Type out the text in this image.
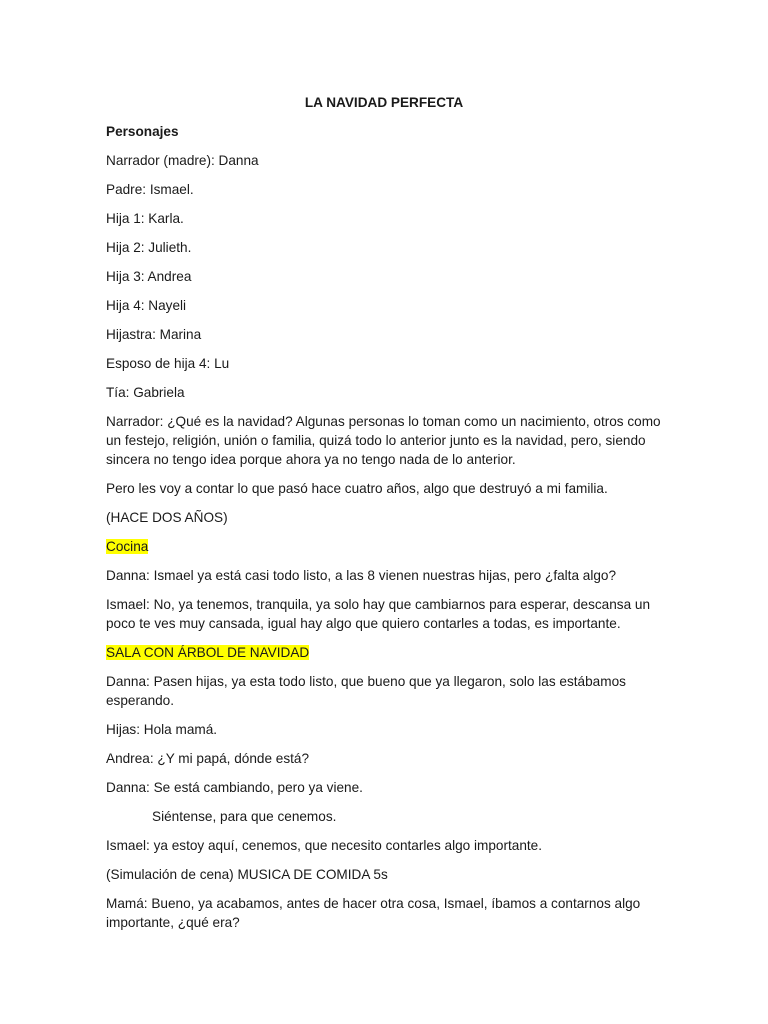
LA NAVIDAD PERFECTA
Personajes
Narrador (madre): Danna
Padre: Ismael.
Hija 1: Karla.
Hija 2: Julieth.
Hija 3: Andrea
Hija 4: Nayeli
Hijastra: Marina
Esposo de hija 4: Lu
Tía: Gabriela
Narrador: ¿Qué es la navidad? Algunas personas lo toman como un nacimiento, otros como un festejo, religión, unión o familia, quizá todo lo anterior junto es la navidad, pero, siendo sincera no tengo idea porque ahora ya no tengo nada de lo anterior.
Pero les voy a contar lo que pasó hace cuatro años, algo que destruyó a mi familia.
(HACE DOS AÑOS)
Cocina
Danna: Ismael ya está casi todo listo, a las 8 vienen nuestras hijas, pero ¿falta algo?
Ismael: No, ya tenemos, tranquila, ya solo hay que cambiarnos para esperar, descansa un poco te ves muy cansada, igual hay algo que quiero contarles a todas, es importante.
SALA CON ÁRBOL DE NAVIDAD
Danna: Pasen hijas, ya esta todo listo, que bueno que ya llegaron, solo las estábamos esperando.
Hijas: Hola mamá.
Andrea: ¿Y mi papá, dónde está?
Danna: Se está cambiando, pero ya viene.
Siéntense, para que cenemos.
Ismael: ya estoy aquí, cenemos, que necesito contarles algo importante.
(Simulación de cena) MUSICA DE COMIDA 5s
Mamá: Bueno, ya acabamos, antes de hacer otra cosa, Ismael, íbamos a contarnos algo importante, ¿qué era?
